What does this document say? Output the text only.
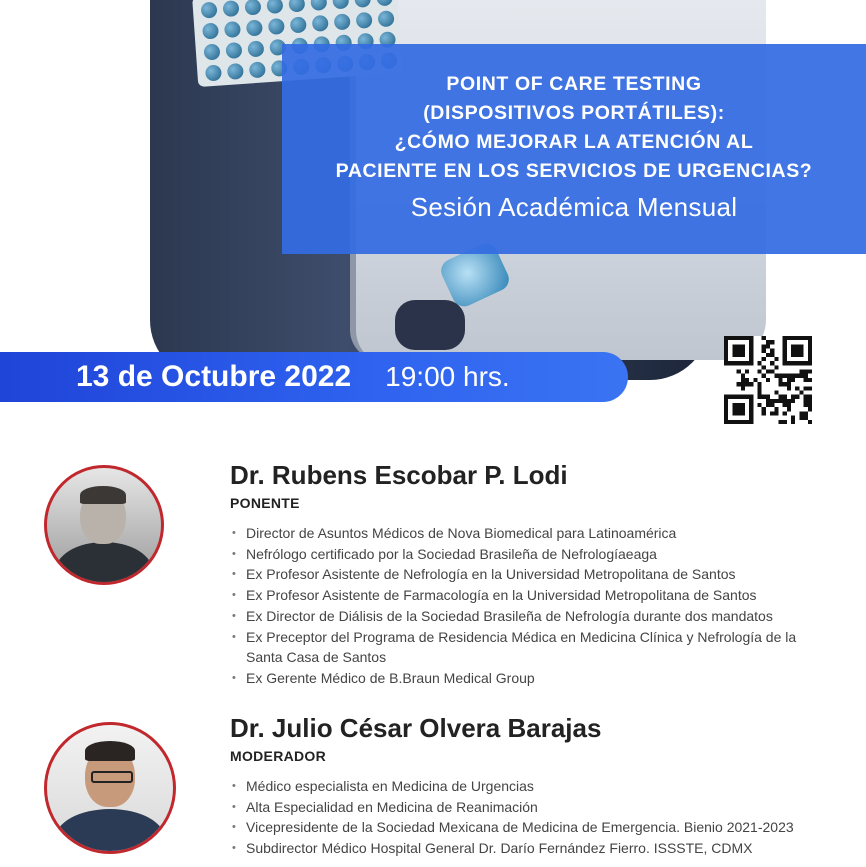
POINT OF CARE TESTING
(DISPOSITIVOS PORTÁTILES):
¿CÓMO MEJORAR LA ATENCIÓN AL
PACIENTE EN LOS SERVICIOS DE URGENCIAS?
Sesión Académica Mensual
13 de Octubre 2022 19:00 hrs.
Dr. Rubens Escobar P. Lodi
PONENTE
• Director de Asuntos Médicos de Nova Biomedical para Latinoamérica
• Nefrólogo certificado por la Sociedad Brasileña de Nefrologíaeaga
• Ex Profesor Asistente de Nefrología en la Universidad Metropolitana de Santos
• Ex Profesor Asistente de Farmacología en la Universidad Metropolitana de Santos
• Ex Director de Diálisis de la Sociedad Brasileña de Nefrología durante dos mandatos
• Ex Preceptor del Programa de Residencia Médica en Medicina Clínica y Nefrología de la Santa Casa de Santos
• Ex Gerente Médico de B.Braun Medical Group
Dr. Julio César Olvera Barajas
MODERADOR
• Médico especialista en Medicina de Urgencias
• Alta Especialidad en Medicina de Reanimación
• Vicepresidente de la Sociedad Mexicana de Medicina de Emergencia. Bienio 2021-2023
• Subdirector Médico Hospital General Dr. Darío Fernández Fierro. ISSSTE, CDMX
